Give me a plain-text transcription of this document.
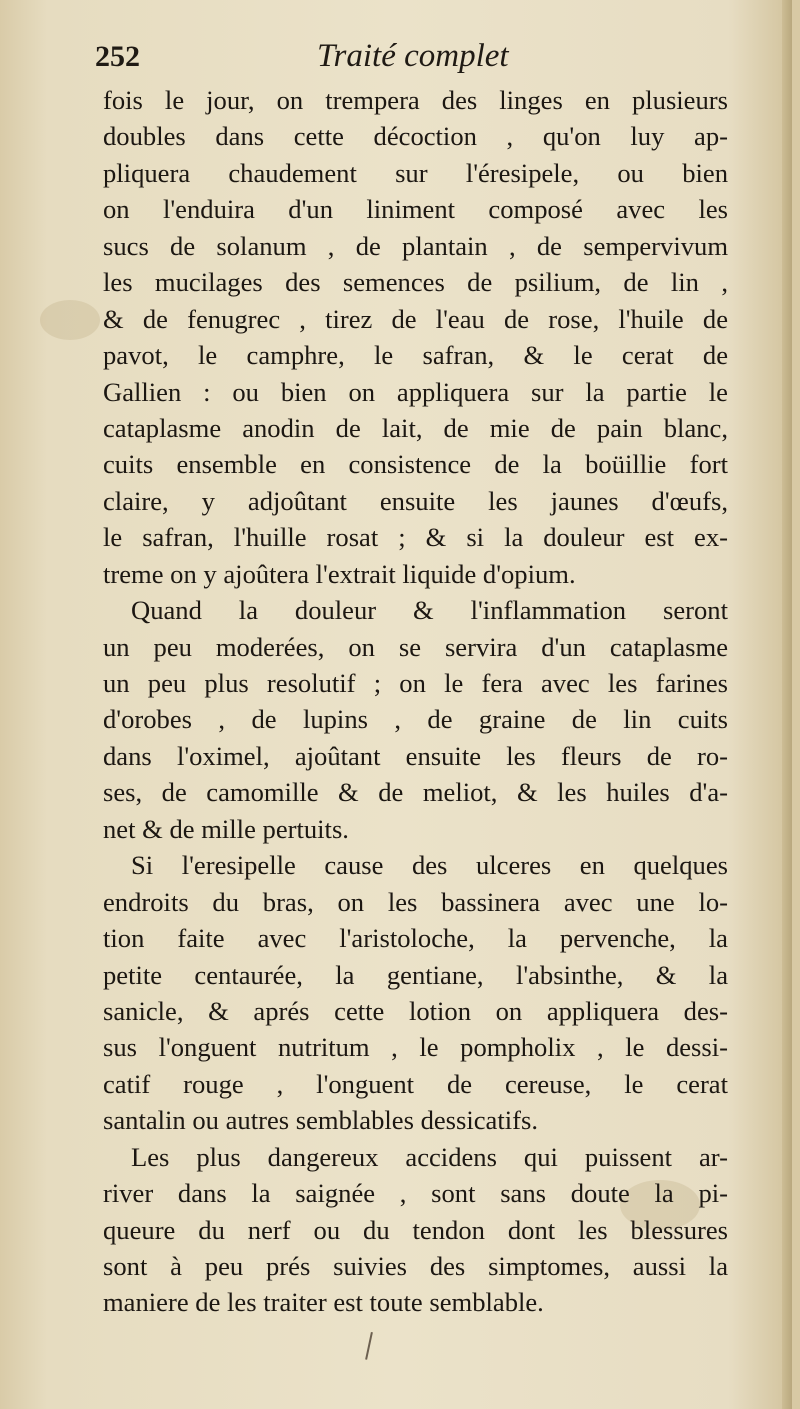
252	Traité complet
fois le jour, on trempera des linges en plusieurs
doubles dans cette décoction , qu'on luy ap-
pliquera chaudement sur l'éresipele, ou bien
on l'enduira d'un liniment composé avec les
sucs de solanum , de plantain , de sempervivum
les mucilages des semences de psilium, de lin ,
& de fenugrec , tirez de l'eau de rose, l'huile de
pavot, le camphre, le safran, & le cerat de
Gallien : ou bien on appliquera sur la partie le
cataplasme anodin de lait, de mie de pain blanc,
cuits ensemble en consistence de la boüillie fort
claire, y adjoûtant ensuite les jaunes d'œufs,
le safran, l'huille rosat ; & si la douleur est ex-
treme on y ajoûtera l'extrait liquide d'opium.
Quand la douleur & l'inflammation seront
un peu moderées, on se servira d'un cataplasme
un peu plus resolutif ; on le fera avec les farines
d'orobes , de lupins , de graine de lin cuits
dans l'oximel, ajoûtant ensuite les fleurs de ro-
ses, de camomille & de meliot, & les huiles d'a-
net & de mille pertuits.
Si l'eresipelle cause des ulceres en quelques
endroits du bras, on les bassinera avec une lo-
tion faite avec l'aristoloche, la pervenche, la
petite centaurée, la gentiane, l'absinthe, & la
sanicle, & aprés cette lotion on appliquera des-
sus l'onguent nutritum , le pompholix , le dessi-
catif rouge , l'onguent de cereuse, le cerat
santalin ou autres semblables dessicatifs.
Les plus dangereux accidens qui puissent ar-
river dans la saignée , sont sans doute la pi-
queure du nerf ou du tendon dont les blessures
sont à peu prés suivies des simptomes, aussi la
maniere de les traiter est toute semblable.
